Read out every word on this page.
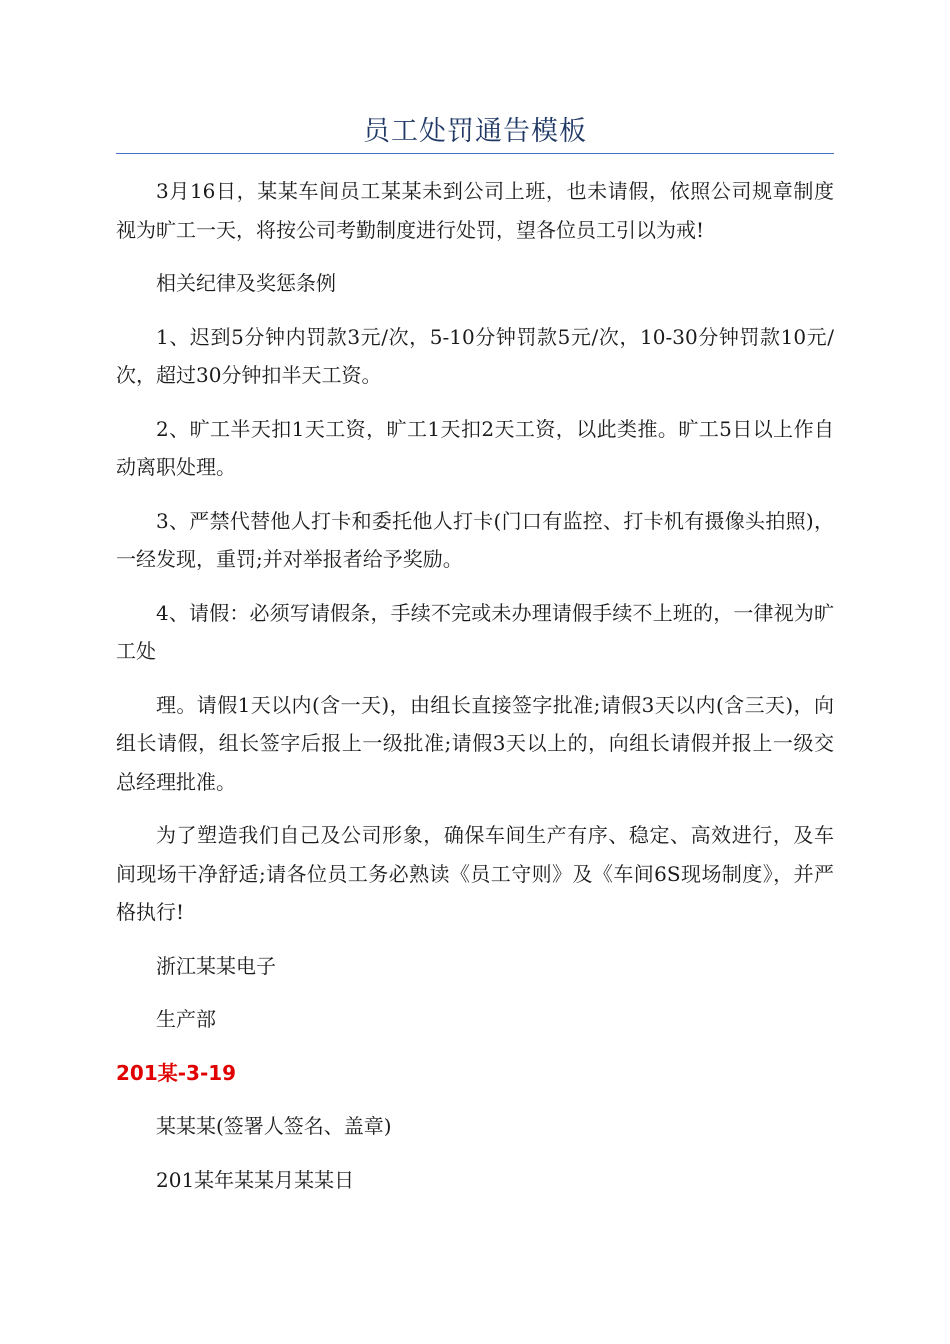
员工处罚通告模板

3月16日，某某车间员工某某未到公司上班，也未请假，依照公司规章制度视为旷工一天，将按公司考勤制度进行处罚，望各位员工引以为戒!

相关纪律及奖惩条例

1、迟到5分钟内罚款3元/次，5-10分钟罚款5元/次，10-30分钟罚款10元/次，超过30分钟扣半天工资。

2、旷工半天扣1天工资，旷工1天扣2天工资，以此类推。旷工5日以上作自动离职处理。

3、严禁代替他人打卡和委托他人打卡(门口有监控、打卡机有摄像头拍照)，一经发现，重罚;并对举报者给予奖励。

4、请假：必须写请假条，手续不完或未办理请假手续不上班的，一律视为旷工处

理。请假1天以内(含一天)，由组长直接签字批准;请假3天以内(含三天)，向组长请假，组长签字后报上一级批准;请假3天以上的，向组长请假并报上一级交总经理批准。

为了塑造我们自己及公司形象，确保车间生产有序、稳定、高效进行，及车间现场干净舒适;请各位员工务必熟读《员工守则》及《车间6S现场制度》，并严格执行!

浙江某某电子

生产部

201某-3-19

某某某(签署人签名、盖章)

201某年某某月某某日
